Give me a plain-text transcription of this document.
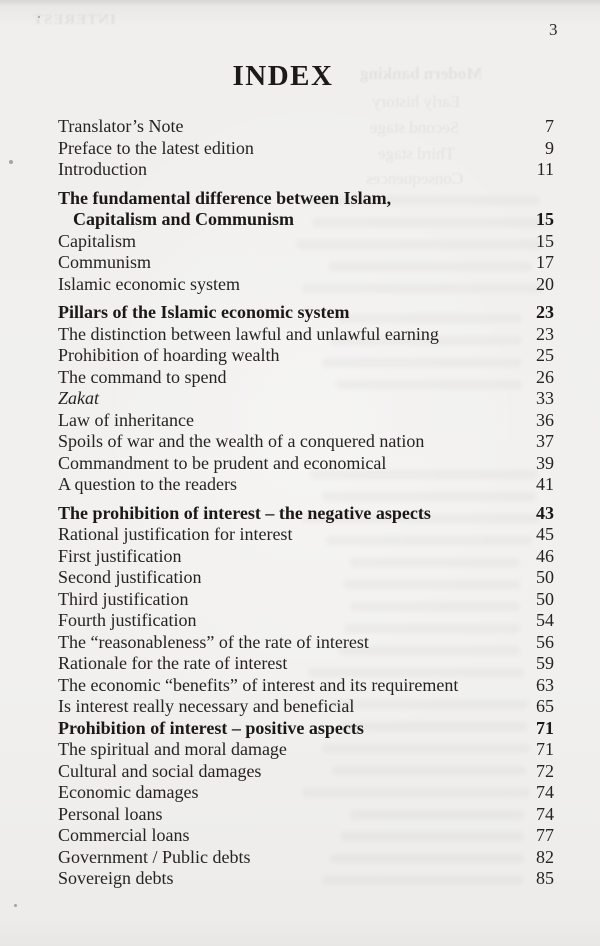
INTEREST
Modern banking
Early history
Second stage
Third stage
Consequences
3
INDEX
Translator’s Note	7
Preface to the latest edition	9
Introduction	11
The fundamental difference between Islam,
Capitalism and Communism	15
Capitalism	15
Communism	17
Islamic economic system	20
Pillars of the Islamic economic system	23
The distinction between lawful and unlawful earning	23
Prohibition of hoarding wealth	25
The command to spend	26
Zakat	33
Law of inheritance	36
Spoils of war and the wealth of a conquered nation	37
Commandment to be prudent and economical	39
A question to the readers	41
The prohibition of interest – the negative aspects	43
Rational justification for interest	45
First justification	46
Second justification	50
Third justification	50
Fourth justification	54
The “reasonableness” of the rate of interest	56
Rationale for the rate of interest	59
The economic “benefits” of interest and its requirement	63
Is interest really necessary and beneficial	65
Prohibition of interest – positive aspects	71
The spiritual and moral damage	71
Cultural and social damages	72
Economic damages	74
Personal loans	74
Commercial loans	77
Government / Public debts	82
Sovereign debts	85
